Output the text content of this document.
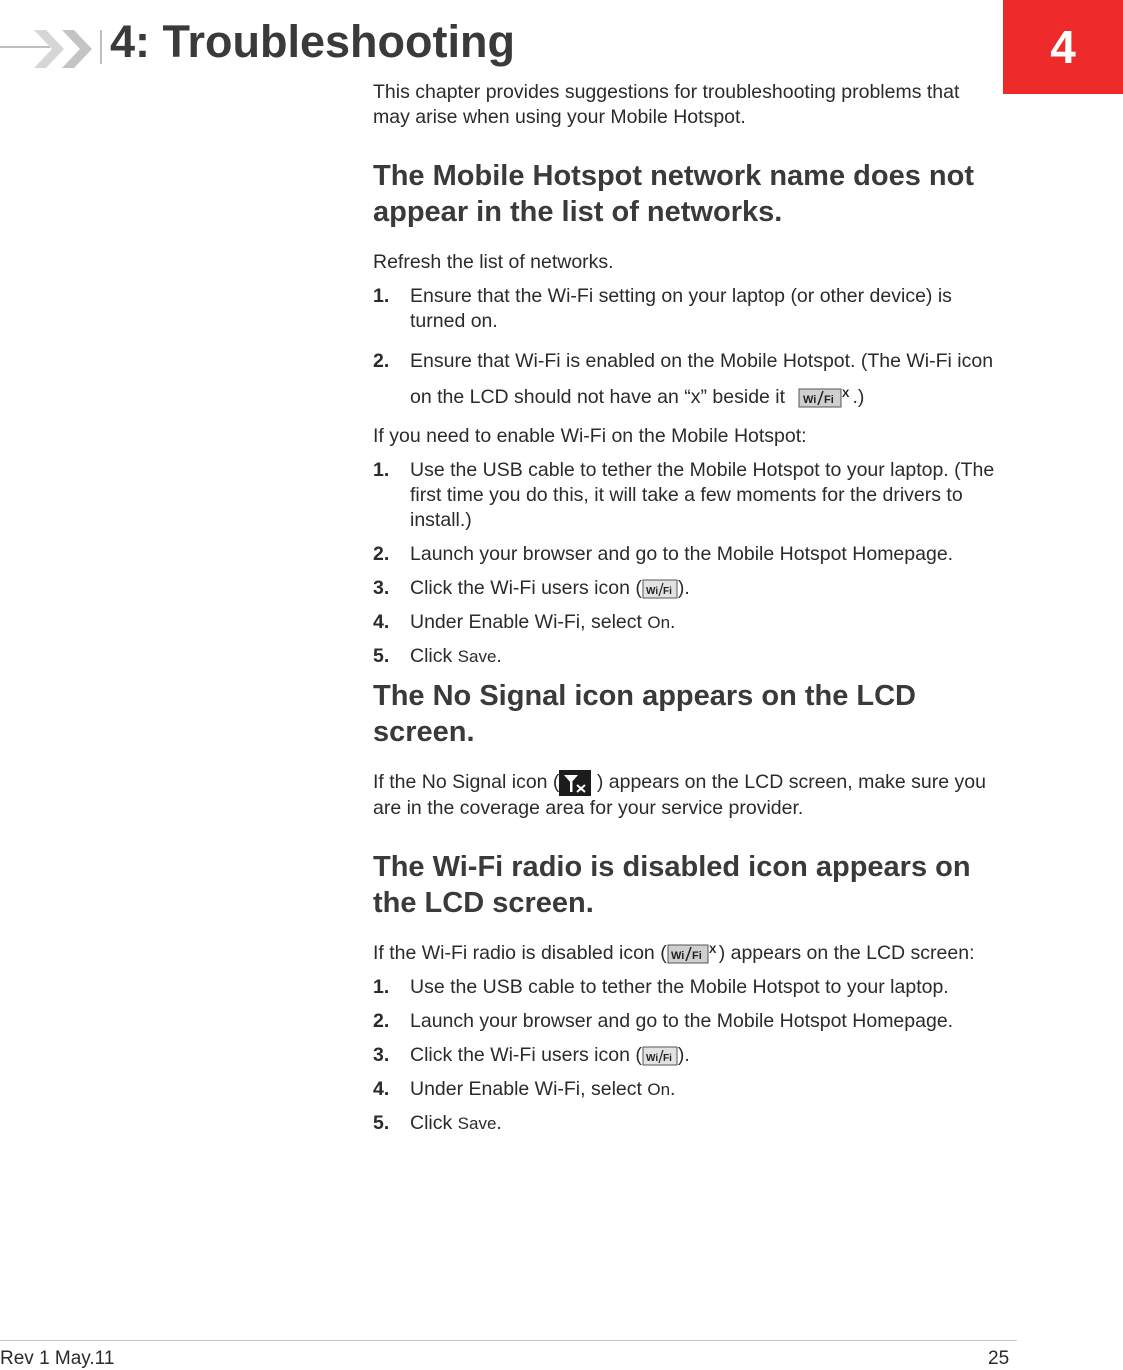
4
4: Troubleshooting

This chapter provides suggestions for troubleshooting problems that may arise when using your Mobile Hotspot.

The Mobile Hotspot network name does not appear in the list of networks.

Refresh the list of networks.

1. Ensure that the Wi-Fi setting on your laptop (or other device) is turned on.
2. Ensure that Wi-Fi is enabled on the Mobile Hotspot. (The Wi-Fi icon on the LCD should not have an “x” beside it Wi Fi X .)

If you need to enable Wi-Fi on the Mobile Hotspot:

1. Use the USB cable to tether the Mobile Hotspot to your laptop. (The first time you do this, it will take a few moments for the drivers to install.)
2. Launch your browser and go to the Mobile Hotspot Homepage.
3. Click the Wi-Fi users icon ( Wi Fi ).
4. Under Enable Wi-Fi, select On.
5. Click Save.
The No Signal icon appears on the LCD screen.

If the No Signal icon ( ) appears on the LCD screen, make sure you are in the coverage area for your service provider.

The Wi-Fi radio is disabled icon appears on the LCD screen.

If the Wi-Fi radio is disabled icon ( Wi Fi X ) appears on the LCD screen:

1. Use the USB cable to tether the Mobile Hotspot to your laptop.
2. Launch your browser and go to the Mobile Hotspot Homepage.
3. Click the Wi-Fi users icon ( Wi Fi ).
4. Under Enable Wi-Fi, select On.
5. Click Save.
Rev 1 May.11	25
